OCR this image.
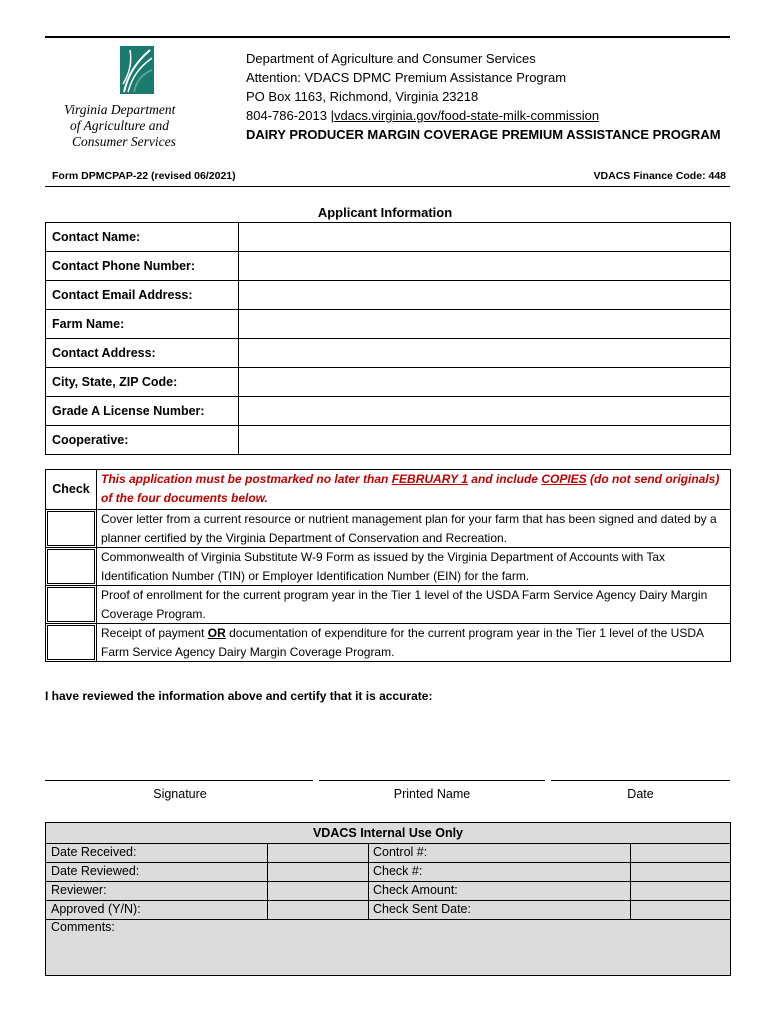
Virginia Department
of Agriculture and
Consumer Services
Department of Agriculture and Consumer Services
Attention: VDACS DPMC Premium Assistance Program
PO Box 1163, Richmond, Virginia 23218
804-786-2013 |vdacs.virginia.gov/food-state-milk-commission
DAIRY PRODUCER MARGIN COVERAGE PREMIUM ASSISTANCE PROGRAM
Form DPMCPAP-22 (revised 06/2021)	VDACS Finance Code: 448
Applicant Information
Contact Name:	
Contact Phone Number:	
Contact Email Address:	
Farm Name:	
Contact Address:	
City, State, ZIP Code:	
Grade A License Number:	
Cooperative:	
Check	This application must be postmarked no later than FEBRUARY 1 and include COPIES (do not send originals) of the four documents below.

	Cover letter from a current resource or nutrient management plan for your farm that has been signed and dated by a planner certified by the Virginia Department of Conservation and Recreation.

	Commonwealth of Virginia Substitute W-9 Form as issued by the Virginia Department of Accounts with Tax Identification Number (TIN) or Employer Identification Number (EIN) for the farm.

	Proof of enrollment for the current program year in the Tier 1 level of the USDA Farm Service Agency Dairy Margin Coverage Program.

	Receipt of payment OR documentation of expenditure for the current program year in the Tier 1 level of the USDA Farm Service Agency Dairy Margin Coverage Program.
I have reviewed the information above and certify that it is accurate:
Signature	Printed Name	Date
VDACS Internal Use Only
Date Received:	Control #:
Date Reviewed:	Check #:
Reviewer:	Check Amount:
Approved (Y/N):	Check Sent Date:
Comments:
